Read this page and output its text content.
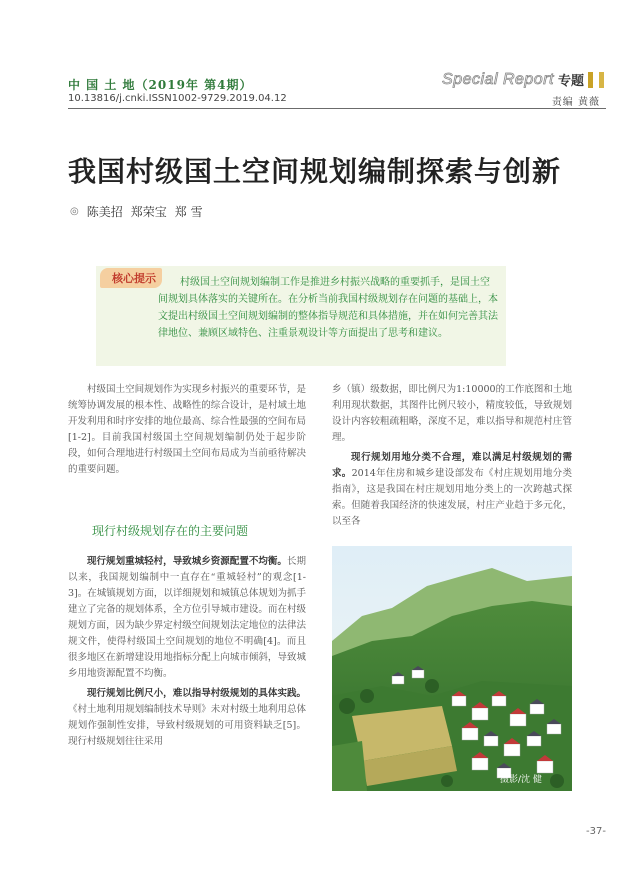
中 国 土 地（2019年 第4期）
10.13816/j.cnki.ISSN1002-9729.2019.04.12
Special Report 专题
责编 黄薇
我国村级国土空间规划编制探索与创新
◎ 陈美招 郑荣宝 郑 雪
核心提示	村级国土空间规划编制工作是推进乡村振兴战略的重要抓手，是国土空间规划具体落实的关键所在。在分析当前我国村级规划存在问题的基础上，本文提出村级国土空间规划编制的整体指导规范和具体措施，并在如何完善其法律地位、兼顾区域特色、注重景观设计等方面提出了思考和建议。

村级国土空间规划作为实现乡村振兴的重要环节，是统筹协调发展的根本性、战略性的综合设计，是村域土地开发利用和时序安排的地位最高、综合性最强的空间布局[1-2]。目前我国村级国土空间规划编制仍处于起步阶段，如何合理地进行村级国土空间布局成为当前亟待解决的重要问题。

现行村级规划存在的主要问题

现行规划重城轻村，导致城乡资源配置不均衡。长期以来，我国规划编制中一直存在“重城轻村”的观念[1-3]。在城镇规划方面，以详细规划和城镇总体规划为抓手建立了完备的规划体系，全方位引导城市建设。而在村级规划方面，因为缺少界定村级空间规划法定地位的法律法规文件，使得村级国土空间规划的地位不明确[4]。而且很多地区在新增建设用地指标分配上向城市倾斜，导致城乡用地资源配置不均衡。

现行规划比例尺小，难以指导村级规划的具体实践。《村土地利用规划编制技术导则》未对村级土地利用总体规划作强制性安排，导致村级规划的可用资料缺乏[5]。现行村级规划往往采用

乡（镇）级数据，即比例尺为1:10000的工作底图和土地利用现状数据，其图件比例尺较小，精度较低，导致规划设计内容较粗疏粗略，深度不足，难以指导和规范村庄管理。

现行规划用地分类不合理，难以满足村级规划的需求。2014年住房和城乡建设部发布《村庄规划用地分类指南》，这是我国在村庄规划用地分类上的一次跨越式探索。但随着我国经济的快速发展，村庄产业趋于多元化，以至各

摄影/沈 健
-37-
